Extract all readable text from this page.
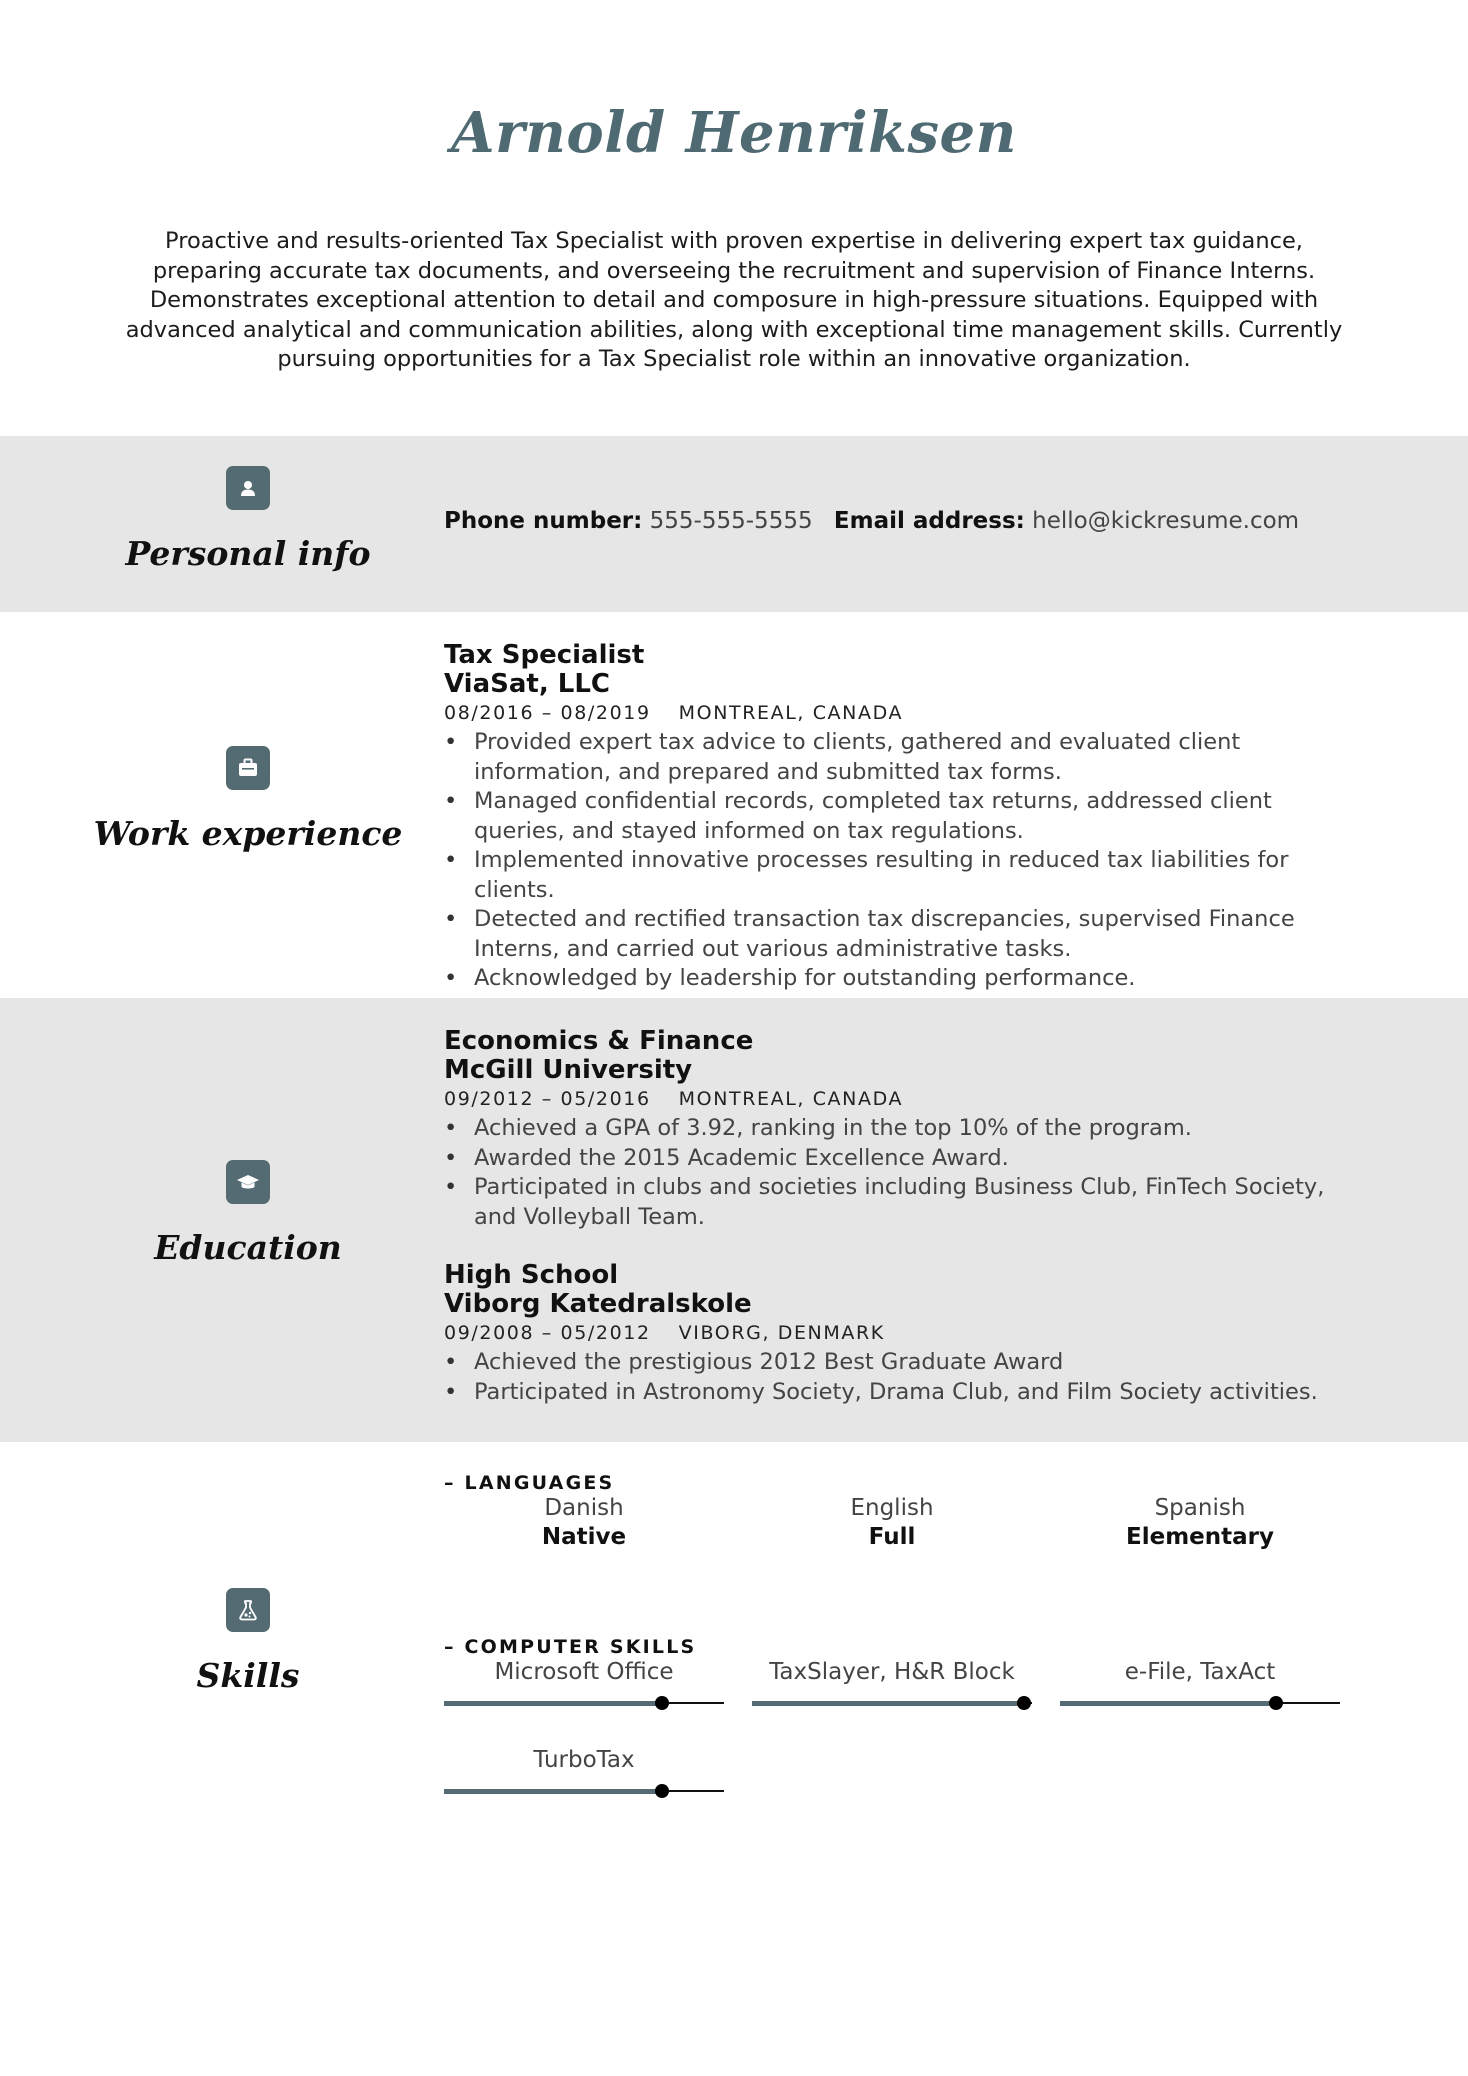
Arnold Henriksen

Proactive and results-oriented Tax Specialist with proven expertise in delivering expert tax guidance, preparing accurate tax documents, and overseeing the recruitment and supervision of Finance Interns. Demonstrates exceptional attention to detail and composure in high-pressure situations. Equipped with advanced analytical and communication abilities, along with exceptional time management skills. Currently pursuing opportunities for a Tax Specialist role within an innovative organization.

Personal info
Phone number: 555-555-5555 Email address: hello@kickresume.com
Work experience
Tax Specialist
ViaSat, LLC
08/2016 – 08/2019 MONTREAL, CANADA
• Provided expert tax advice to clients, gathered and evaluated client information, and prepared and submitted tax forms.
• Managed confidential records, completed tax returns, addressed client queries, and stayed informed on tax regulations.
• Implemented innovative processes resulting in reduced tax liabilities for clients.
• Detected and rectified transaction tax discrepancies, supervised Finance Interns, and carried out various administrative tasks.
• Acknowledged by leadership for outstanding performance.
Education
Economics & Finance
McGill University
09/2012 – 05/2016 MONTREAL, CANADA
• Achieved a GPA of 3.92, ranking in the top 10% of the program.
• Awarded the 2015 Academic Excellence Award.
• Participated in clubs and societies including Business Club, FinTech Society, and Volleyball Team.
High School
Viborg Katedralskole
09/2008 – 05/2012 VIBORG, DENMARK
• Achieved the prestigious 2012 Best Graduate Award
• Participated in Astronomy Society, Drama Club, and Film Society activities.
Skills
– LANGUAGES
Danish
Native
English
Full
Spanish
Elementary
– COMPUTER SKILLS
Microsoft Office	TaxSlayer, H&R Block	e-File, TaxAct
TurboTax
